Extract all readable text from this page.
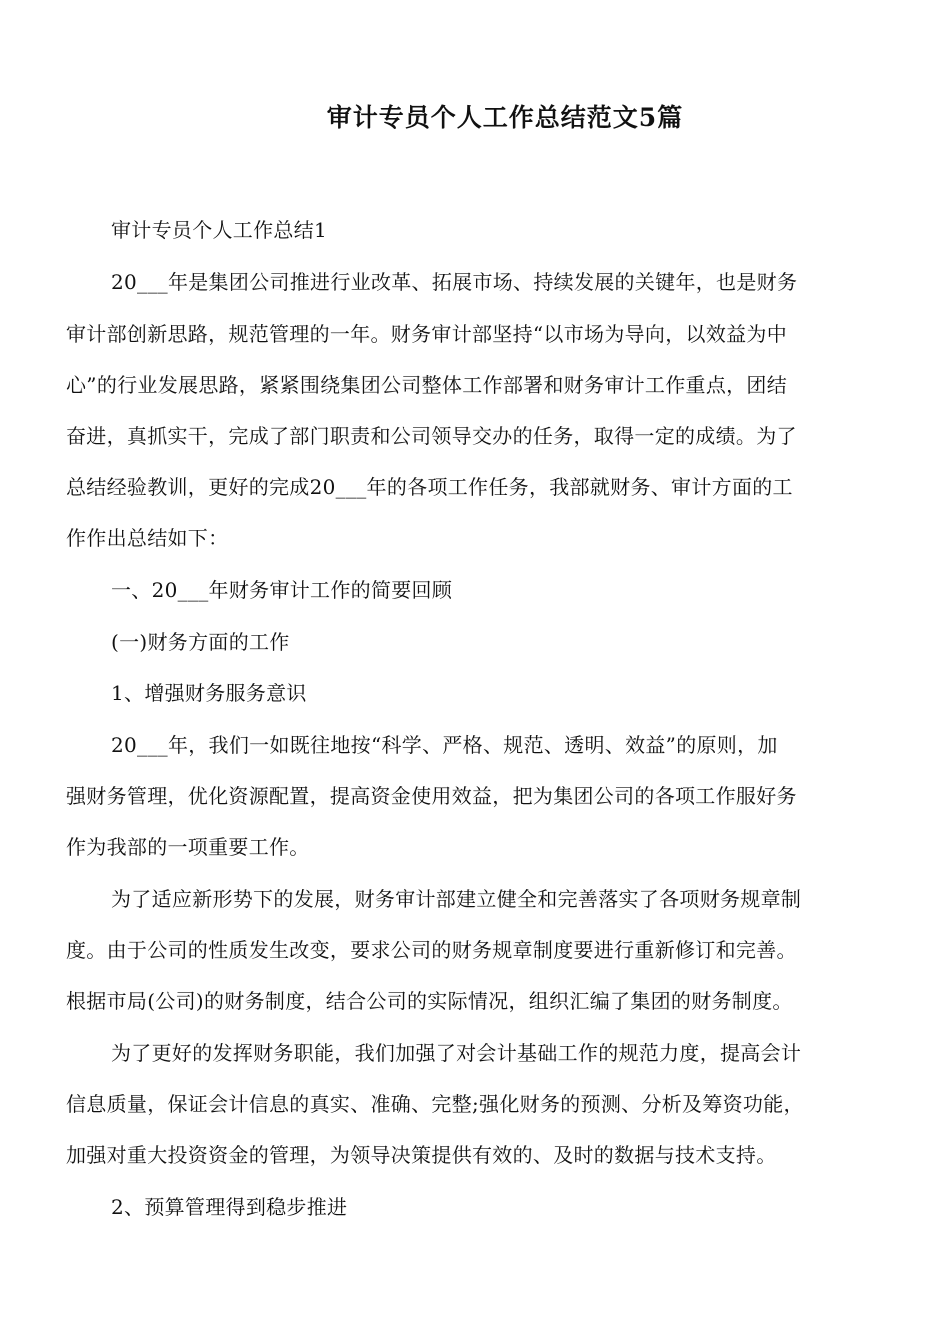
审计专员个人工作总结范文5篇
审计专员个人工作总结1
20___年是集团公司推进行业改革、拓展市场、持续发展的关键年，也是财务
审计部创新思路，规范管理的一年。财务审计部坚持“以市场为导向，以效益为中
心”的行业发展思路，紧紧围绕集团公司整体工作部署和财务审计工作重点，团结
奋进，真抓实干，完成了部门职责和公司领导交办的任务，取得一定的成绩。为了
总结经验教训，更好的完成20___年的各项工作任务，我部就财务、审计方面的工
作作出总结如下：
一、20___年财务审计工作的简要回顾
(一)财务方面的工作
1、增强财务服务意识
20___年，我们一如既往地按“科学、严格、规范、透明、效益”的原则，加
强财务管理，优化资源配置，提高资金使用效益，把为集团公司的各项工作服好务
作为我部的一项重要工作。
为了适应新形势下的发展，财务审计部建立健全和完善落实了各项财务规章制
度。由于公司的性质发生改变，要求公司的财务规章制度要进行重新修订和完善。
根据市局(公司)的财务制度，结合公司的实际情况，组织汇编了集团的财务制度。
为了更好的发挥财务职能，我们加强了对会计基础工作的规范力度，提高会计
信息质量，保证会计信息的真实、准确、完整;强化财务的预测、分析及筹资功能，
加强对重大投资资金的管理，为领导决策提供有效的、及时的数据与技术支持。
2、预算管理得到稳步推进
